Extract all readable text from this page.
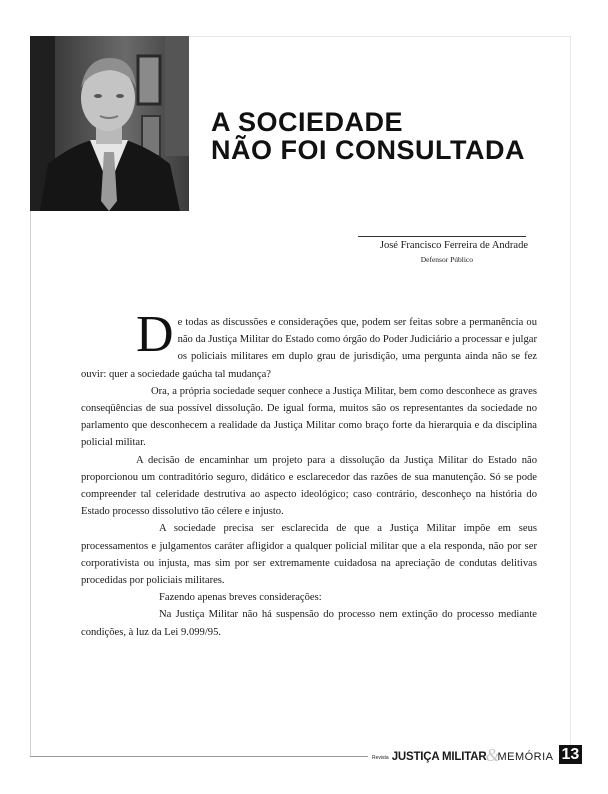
A SOCIEDADE
NÃO FOI CONSULTADA
José Francisco Ferreira de Andrade
Defensor Público

De todas as discussões e considerações que, podem ser feitas sobre a permanência ou não da Justiça Militar do Estado como órgão do Poder Judiciário a processar e julgar os policiais militares em duplo grau de jurisdição, uma pergunta ainda não se fez ouvir: quer a sociedade gaúcha tal mudança?

Ora, a própria sociedade sequer conhece a Justiça Militar, bem como desconhece as graves conseqüências de sua possível dissolução. De igual forma, muitos são os representantes da sociedade no parlamento que desconhecem a realidade da Justiça Militar como braço forte da hierarquia e da disciplina policial militar.

A decisão de encaminhar um projeto para a dissolução da Justiça Militar do Estado não proporcionou um contraditório seguro, didático e esclarecedor das razões de sua manutenção. Só se pode compreender tal celeridade destrutiva ao aspecto ideológico; caso contrário, desconheço na história do Estado processo dissolutivo tão célere e injusto.

A sociedade precisa ser esclarecida de que a Justiça Militar impõe em seus processamentos e julgamentos caráter afligidor a qualquer policial militar que a ela responda, não por ser corporativista ou injusta, mas sim por ser extremamente cuidadosa na apreciação de condutas delitivas procedidas por policiais militares.

Fazendo apenas breves considerações:

Na Justiça Militar não há suspensão do processo nem extinção do processo mediante condições, à luz da Lei 9.099/95.

Revista JUSTIÇA MILITAR &
MEMÓRIA 13
